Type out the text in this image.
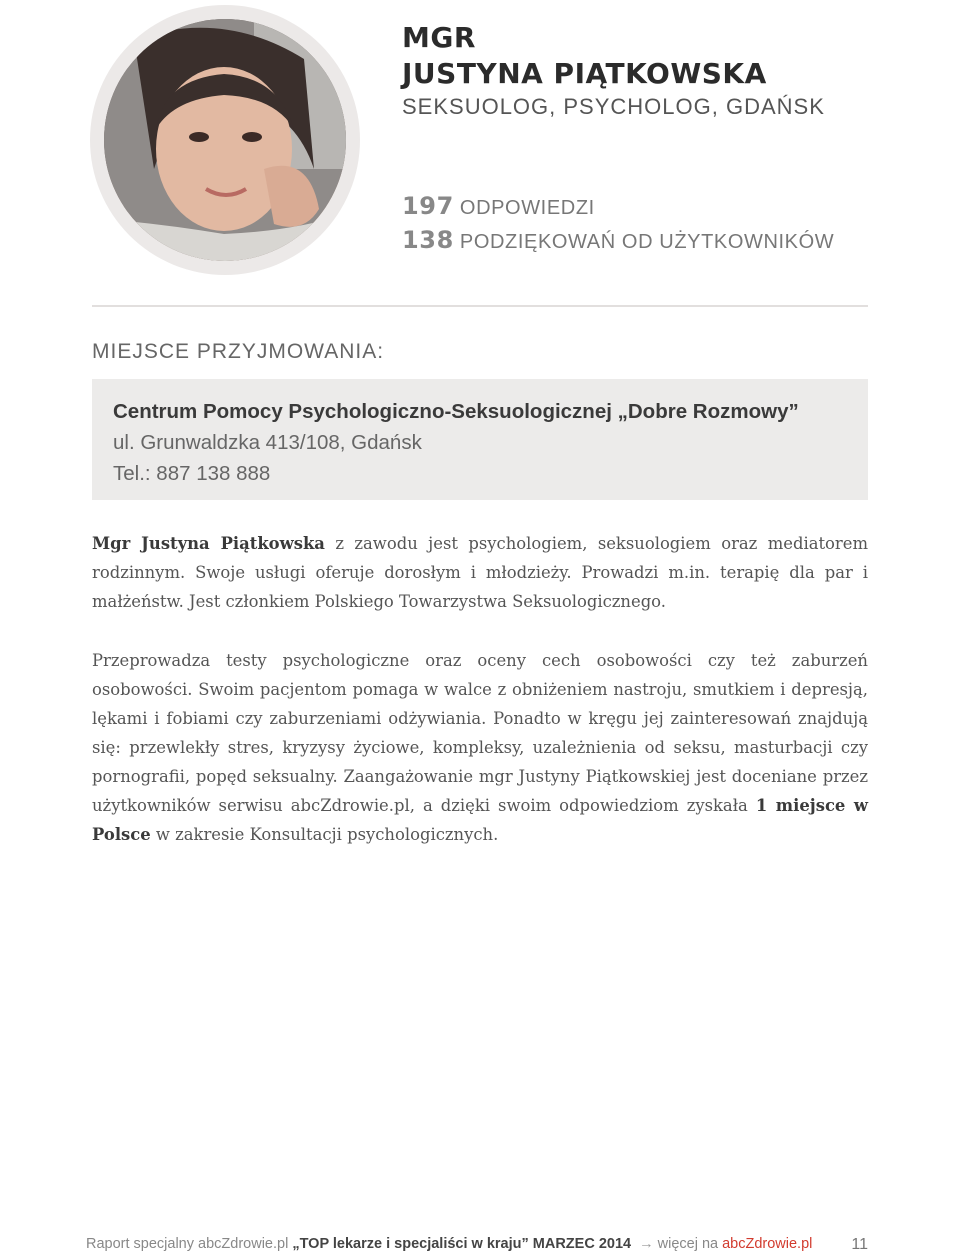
MGR
JUSTYNA PIĄTKOWSKA
SEKSUOLOG, PSYCHOLOG, GDAŃSK
197 ODPOWIEDZI
138 PODZIĘKOWAŃ OD UŻYTKOWNIKÓW
MIEJSCE PRZYJMOWANIA:
Centrum Pomocy Psychologiczno-Seksuologicznej „Dobre Rozmowy”
ul. Grunwaldzka 413/108, Gdańsk
Tel.: 887 138 888
Mgr Justyna Piątkowska z zawodu jest psychologiem, seksuologiem oraz mediatorem rodzinnym. Swoje usługi oferuje dorosłym i młodzieży. Prowadzi m.in. terapię dla par i małżeństw. Jest członkiem Polskiego Towarzystwa Seksuologicznego.
Przeprowadza testy psychologiczne oraz oceny cech osobowości czy też zaburzeń osobowości. Swoim pacjentom pomaga w walce z obniżeniem nastroju, smutkiem i depresją, lękami i fobiami czy zaburzeniami odżywiania. Ponadto w kręgu jej zainteresowań znajdują się: przewlekły stres, kryzysy życiowe, kompleksy, uzależnienia od seksu, masturbacji czy pornografii, popęd seksualny. Zaangażowanie mgr Justyny Piątkowskiej jest doceniane przez użytkowników serwisu abcZdrowie.pl, a dzięki swoim odpowiedziom zyskała 1 miejsce w Polsce w zakresie Konsultacji psychologicznych.
Raport specjalny abcZdrowie.pl „TOP lekarze i specjaliści w kraju” MARZEC 2014 → więcej na abcZdrowie.pl 11
